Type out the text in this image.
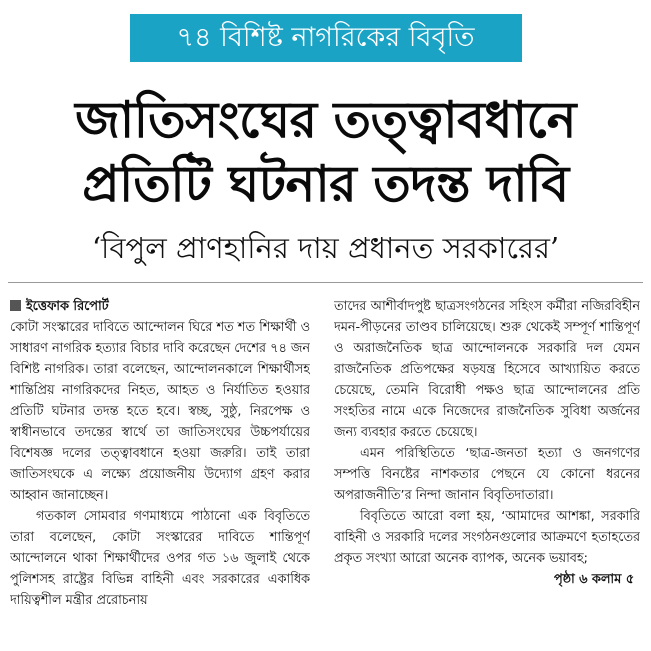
৭৪ বিশিষ্ট নাগরিকের বিবৃতি
জাতিসংঘের তত্ত্বাবধানে
প্রতিটি ঘটনার তদন্ত দাবি
‘বিপুল প্রাণহানির দায় প্রধানত সরকারের’
ইত্তেফাক রিপোর্ট

কোটা সংস্কারের দাবিতে আন্দোলন ঘিরে শত শত শিক্ষার্থী ও সাধারণ নাগরিক হত্যার বিচার দাবি করেছেন দেশের ৭৪ জন বিশিষ্ট নাগরিক। তারা বলেছেন, আন্দোলনকালে শিক্ষার্থীসহ শান্তিপ্রিয় নাগরিকদের নিহত, আহত ও নির্যাতিত হওয়ার প্রতিটি ঘটনার তদন্ত হতে হবে। স্বচ্ছ, সুষ্ঠু, নিরপেক্ষ ও স্বাধীনভাবে তদন্তের স্বার্থে তা জাতিসংঘের উচ্চপর্যায়ের বিশেষজ্ঞ দলের তত্ত্বাবধানে হওয়া জরুরি। তাই তারা জাতিসংঘকে এ লক্ষ্যে প্রয়োজনীয় উদ্যোগ গ্রহণ করার আহ্বান জানাচ্ছেন।

গতকাল সোমবার গণমাধ্যমে পাঠানো এক বিবৃতিতে তারা বলেছেন, কোটা সংস্কারের দাবিতে শান্তিপূর্ণ আন্দোলনে থাকা শিক্ষার্থীদের ওপর গত ১৬ জুলাই থেকে পুলিশসহ রাষ্ট্রের বিভিন্ন বাহিনী এবং সরকারের একাধিক দায়িত্বশীল মন্ত্রীর প্ররোচনায়

তাদের আশীর্বাদপুষ্ট ছাত্রসংগঠনের সহিংস কর্মীরা নজিরবিহীন দমন-পীড়নের তাণ্ডব চালিয়েছে। শুরু থেকেই সম্পূর্ণ শান্তিপূর্ণ ও অরাজনৈতিক ছাত্র আন্দোলনকে সরকারি দল যেমন রাজনৈতিক প্রতিপক্ষের ষড়যন্ত্র হিসেবে আখ্যায়িত করতে চেয়েছে, তেমনি বিরোধী পক্ষও ছাত্র আন্দোলনের প্রতি সংহতির নামে একে নিজেদের রাজনৈতিক সুবিধা অর্জনের জন্য ব্যবহার করতে চেয়েছে।

এমন পরিস্থিতিতে ‘ছাত্র-জনতা হত্যা ও জনগণের সম্পত্তি বিনষ্টের নাশকতার পেছনে যে কোনো ধরনের অপরাজনীতি’র নিন্দা জানান বিবৃতিদাতারা।

বিবৃতিতে আরো বলা হয়, ‘আমাদের আশঙ্কা, সরকারি বাহিনী ও সরকারি দলের সংগঠনগুলোর আক্রমণে হতাহতের প্রকৃত সংখ্যা আরো অনেক ব্যাপক, অনেক ভয়াবহ;
পৃষ্ঠা ৬ কলাম ৫
